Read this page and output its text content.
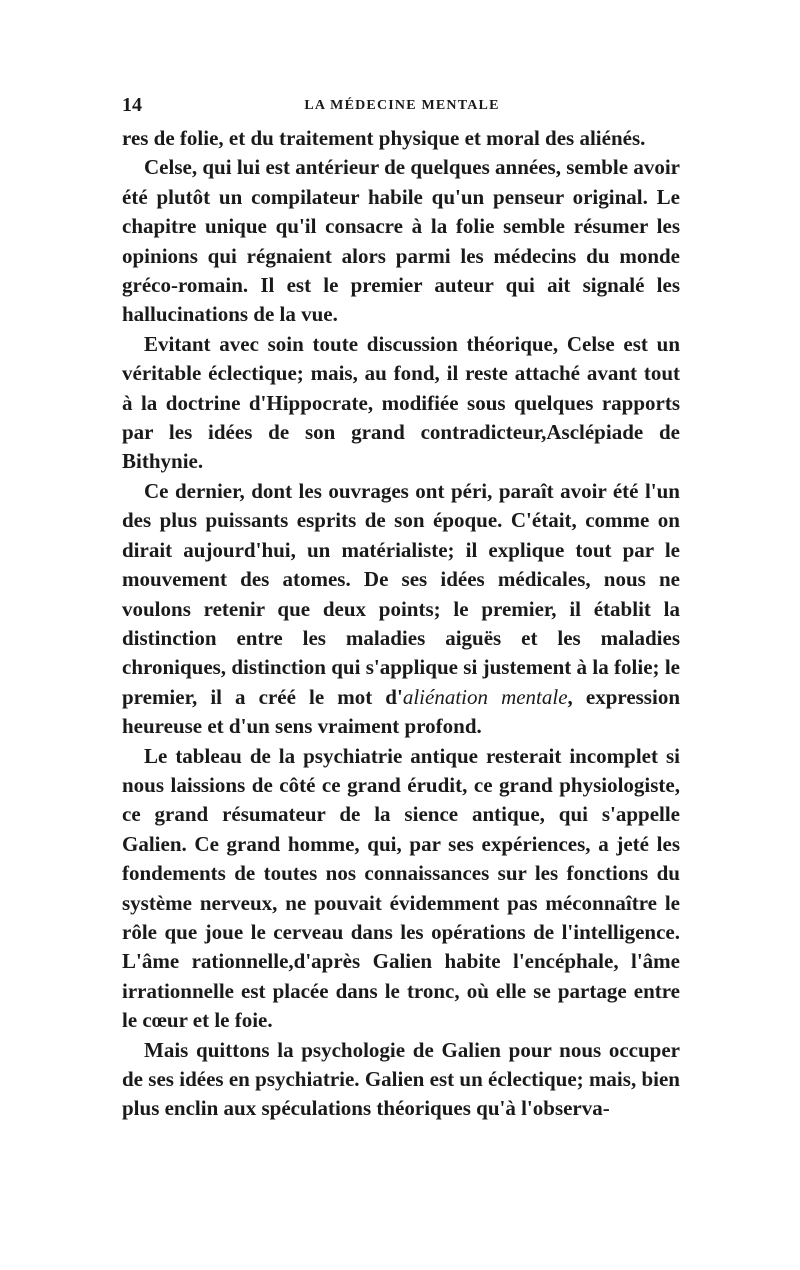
14	LA MÉDECINE MENTALE

res de folie, et du traitement physique et moral des aliénés.

Celse, qui lui est antérieur de quelques années, semble avoir été plutôt un compilateur habile qu'un penseur original. Le chapitre unique qu'il consacre à la folie semble résumer les opinions qui régnaient alors parmi les médecins du monde gréco-romain. Il est le premier auteur qui ait signalé les hallucinations de la vue.

Evitant avec soin toute discussion théorique, Celse est un véritable éclectique; mais, au fond, il reste attaché avant tout à la doctrine d'Hippocrate, modifiée sous quelques rapports par les idées de son grand contradicteur,Asclépiade de Bithynie.

Ce dernier, dont les ouvrages ont péri, paraît avoir été l'un des plus puissants esprits de son époque. C'était, comme on dirait aujourd'hui, un matérialiste; il explique tout par le mouvement des atomes. De ses idées médicales, nous ne voulons retenir que deux points; le premier, il établit la distinction entre les maladies aiguës et les maladies chroniques, distinction qui s'applique si justement à la folie; le premier, il a créé le mot d'aliénation mentale, expression heureuse et d'un sens vraiment profond.

Le tableau de la psychiatrie antique resterait incomplet si nous laissions de côté ce grand érudit, ce grand physiologiste, ce grand résumateur de la sience antique, qui s'appelle Galien. Ce grand homme, qui, par ses expériences, a jeté les fondements de toutes nos connaissances sur les fonctions du système nerveux, ne pouvait évidemment pas méconnaître le rôle que joue le cerveau dans les opérations de l'intelligence. L'âme rationnelle,d'après Galien habite l'encéphale, l'âme irrationnelle est placée dans le tronc, où elle se partage entre le cœur et le foie.

Mais quittons la psychologie de Galien pour nous occuper de ses idées en psychiatrie. Galien est un éclectique; mais, bien plus enclin aux spéculations théoriques qu'à l'observa-
